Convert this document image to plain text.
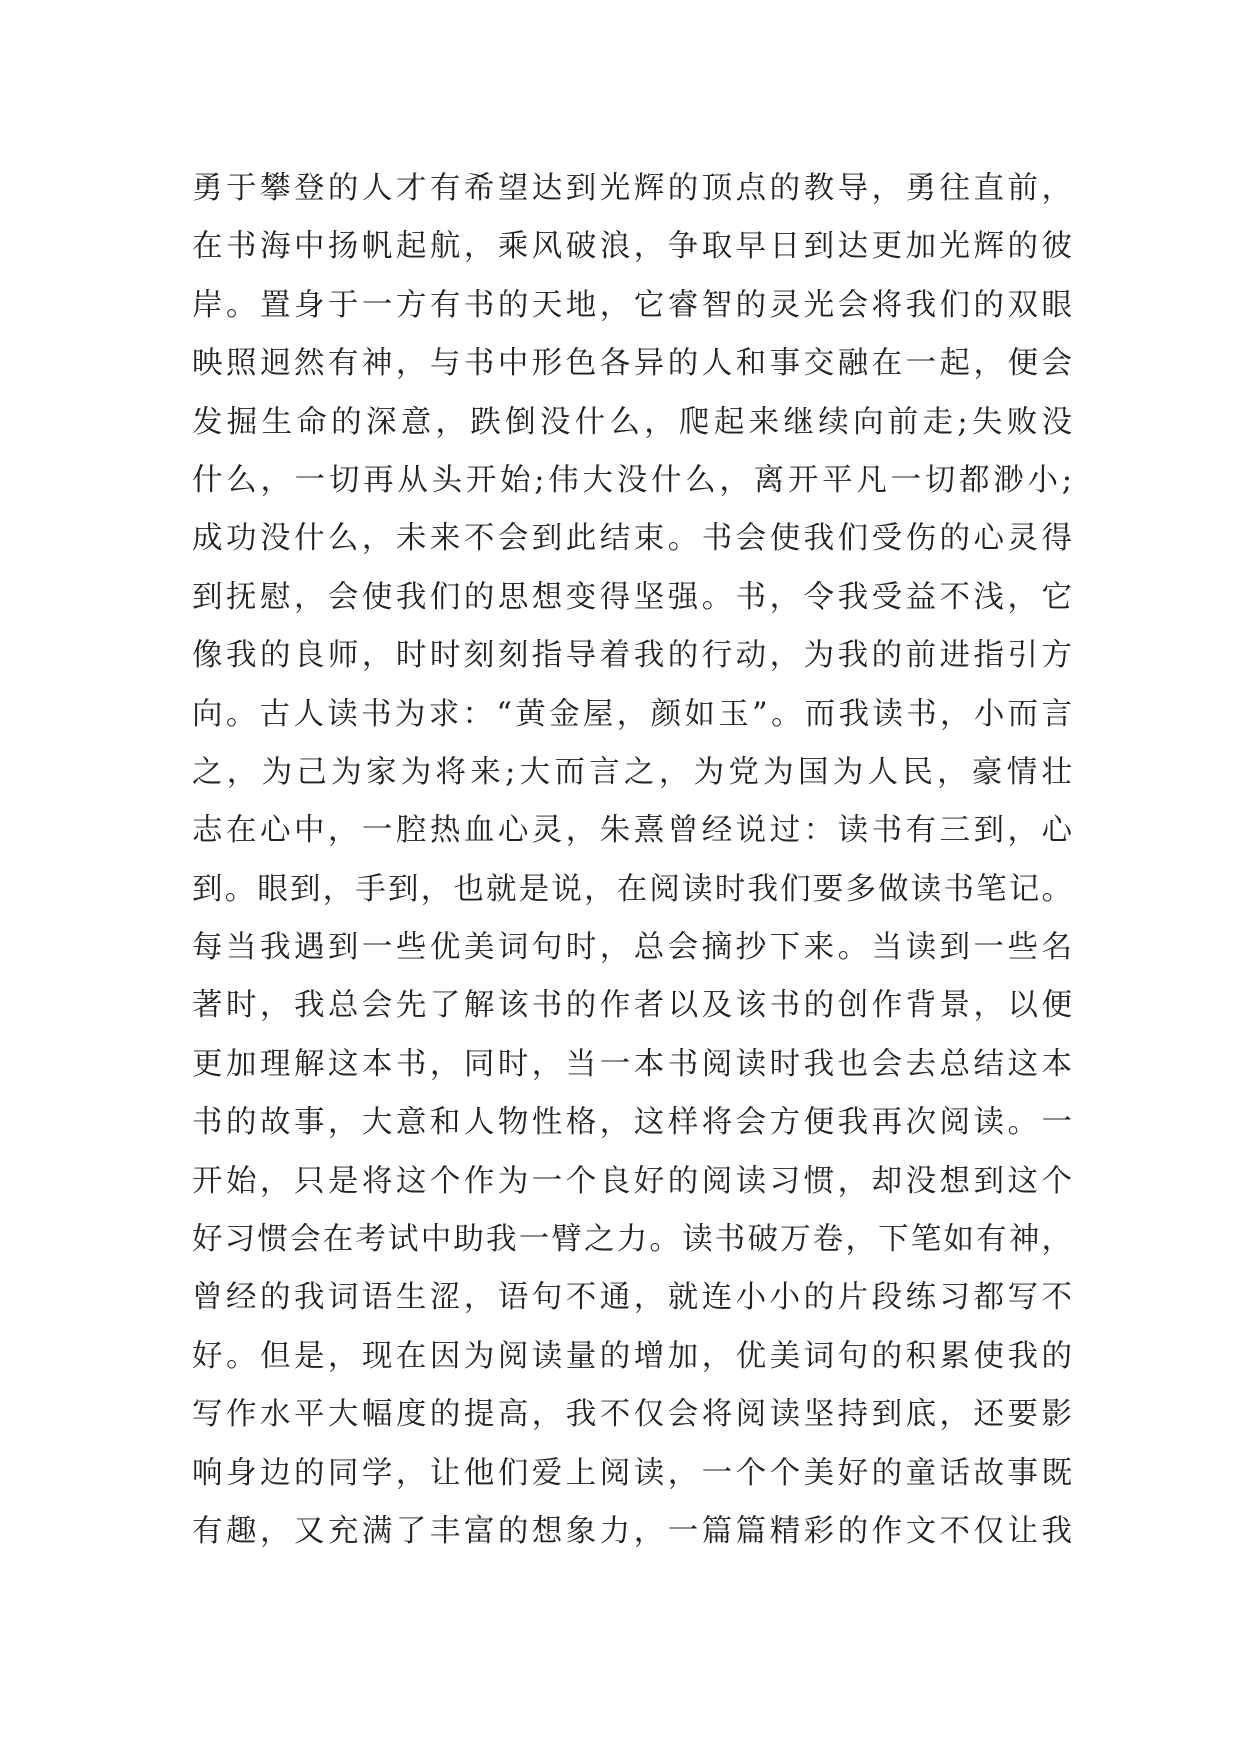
勇于攀登的人才有希望达到光辉的顶点的教导，勇往直前，
在书海中扬帆起航，乘风破浪，争取早日到达更加光辉的彼
岸。置身于一方有书的天地，它睿智的灵光会将我们的双眼
映照迥然有神，与书中形色各异的人和事交融在一起，便会
发掘生命的深意，跌倒没什么，爬起来继续向前走;失败没
什么，一切再从头开始;伟大没什么，离开平凡一切都渺小;
成功没什么，未来不会到此结束。书会使我们受伤的心灵得
到抚慰，会使我们的思想变得坚强。书，令我受益不浅，它
像我的良师，时时刻刻指导着我的行动，为我的前进指引方
向。古人读书为求：“黄金屋，颜如玉”。而我读书，小而言
之，为己为家为将来;大而言之，为党为国为人民，豪情壮
志在心中，一腔热血心灵，朱熹曾经说过：读书有三到，心
到。眼到，手到，也就是说，在阅读时我们要多做读书笔记。
每当我遇到一些优美词句时，总会摘抄下来。当读到一些名
著时，我总会先了解该书的作者以及该书的创作背景，以便
更加理解这本书，同时，当一本书阅读时我也会去总结这本
书的故事，大意和人物性格，这样将会方便我再次阅读。一
开始，只是将这个作为一个良好的阅读习惯，却没想到这个
好习惯会在考试中助我一臂之力。读书破万卷，下笔如有神，
曾经的我词语生涩，语句不通，就连小小的片段练习都写不
好。但是，现在因为阅读量的增加，优美词句的积累使我的
写作水平大幅度的提高，我不仅会将阅读坚持到底，还要影
响身边的同学，让他们爱上阅读，一个个美好的童话故事既
有趣，又充满了丰富的想象力，一篇篇精彩的作文不仅让我
